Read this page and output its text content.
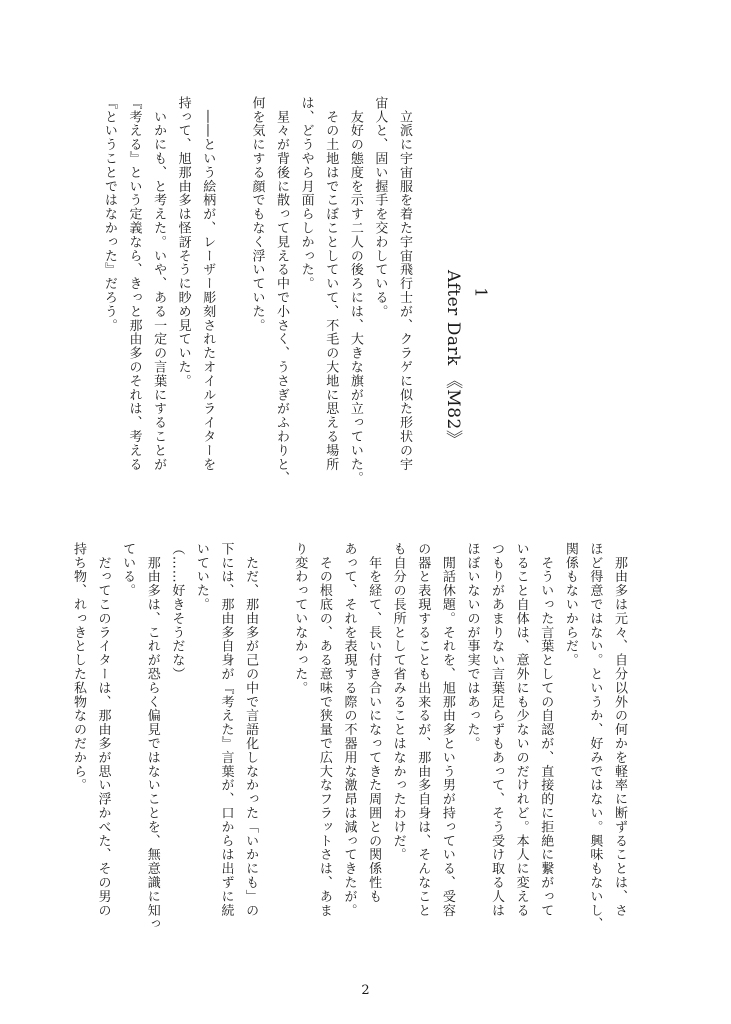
After Dark 《M82》 1

　立派に宇宙服を着た宇宙飛行士が、クラゲに似た形状の宇

宙人と、固い握手を交わしている。

　友好の態度を示す二人の後ろには、大きな旗が立っていた。

　その土地はでこぼことしていて、不毛の大地に思える場所

は、どうやら月面らしかった。

　星々が背後に散って見える中で小さく、うさぎがふわりと、

何を気にする顔でもなく浮いていた。

　――という絵柄が、レーザー彫刻されたオイルライターを

持って、旭那由多は怪訝そうに眇め見ていた。

　いかにも、と考えた。いや、ある一定の言葉にすることが

『考える』という定義なら、きっと那由多のそれは、考える

『ということではなかった』だろう。

　那由多は元々、自分以外の何かを軽率に断ずることは、さ

ほど得意ではない。というか、好みではない。興味もないし、

関係もないからだ。

　そういった言葉としての自認が、直接的に拒絶に繋がって

いること自体は、意外にも少ないのだけれど。本人に変える

つもりがあまりない言葉足らずもあって、そう受け取る人は

ほぼいないのが事実ではあった。

　閒話休題。それを、旭那由多という男が持っている、受容

の器と表現することも出来るが、那由多自身は、そんなこと

も自分の長所として省みることはなかったわけだ。

　年を経て、長い付き合いになってきた周囲との関係性も

あって、それを表現する際の不器用な激昂は減ってきたが。

　その根底の、ある意味で狭量で広大なフラットさは、あま

り変わっていなかった。

　ただ、那由多が己の中で言語化しなかった「いかにも」の

下には、那由多自身が『考えた』言葉が、口からは出ずに続

いていた。

（……好きそうだな）

　那由多は、これが恐らく偏見ではないことを、無意識に知っ

ている。

　だってこのライターは、那由多が思い浮かべた、その男の

持ち物、れっきとした私物なのだから。

2
